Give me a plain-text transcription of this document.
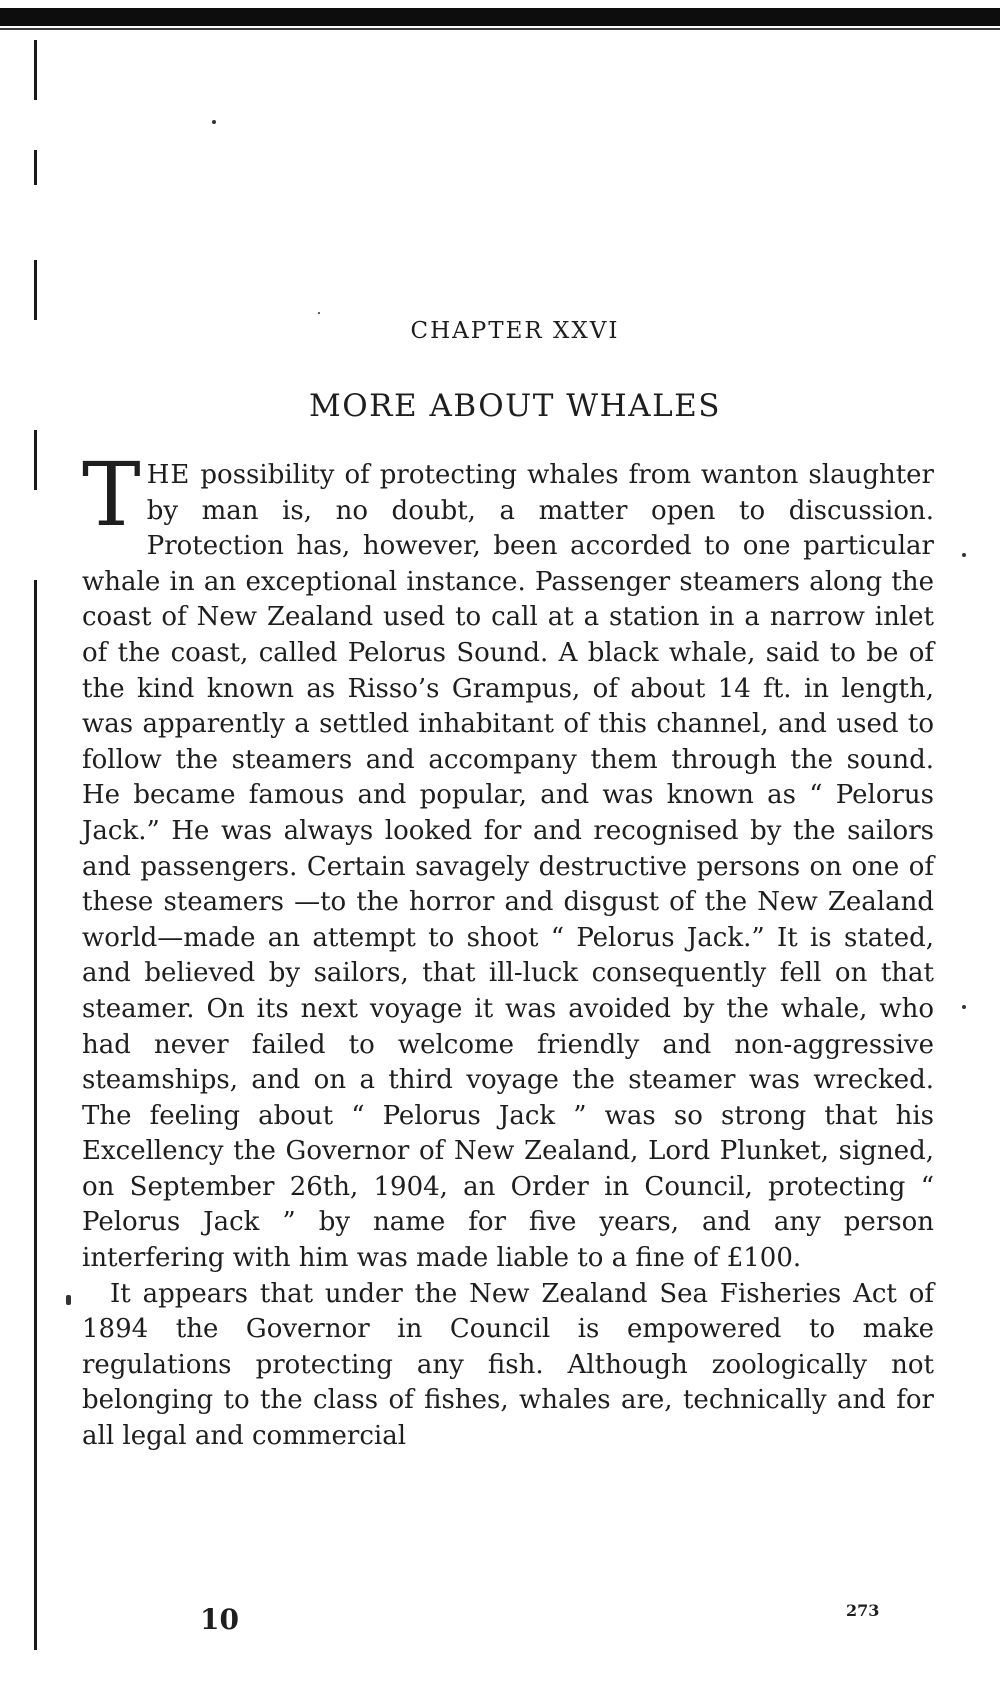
CHAPTER XXVI
MORE ABOUT WHALES

THE possibility of protecting whales from wanton slaughter by man is, no doubt, a matter open to discussion. Protection has, however, been accorded to one particular whale in an exceptional instance. Passenger steamers along the coast of New Zealand used to call at a station in a narrow inlet of the coast, called Pelorus Sound. A black whale, said to be of the kind known as Risso’s Grampus, of about 14 ft. in length, was apparently a settled inhabitant of this channel, and used to follow the steamers and accompany them through the sound. He became famous and popular, and was known as “ Pelorus Jack.” He was always looked for and recognised by the sailors and passengers. Certain savagely destructive persons on one of these steamers —to the horror and disgust of the New Zealand world—made an attempt to shoot “ Pelorus Jack.” It is stated, and believed by sailors, that ill-luck consequently fell on that steamer. On its next voyage it was avoided by the whale, who had never failed to welcome friendly and non-aggressive steamships, and on a third voyage the steamer was wrecked. The feeling about “ Pelorus Jack ” was so strong that his Excellency the Governor of New Zealand, Lord Plunket, signed, on September 26th, 1904, an Order in Council, protecting “ Pelorus Jack ” by name for five years, and any person interfering with him was made liable to a fine of £100.

It appears that under the New Zealand Sea Fisheries Act of 1894 the Governor in Council is empowered to make regulations protecting any fish. Although zoologically not belonging to the class of fishes, whales are, technically and for all legal and commercial

10	273
